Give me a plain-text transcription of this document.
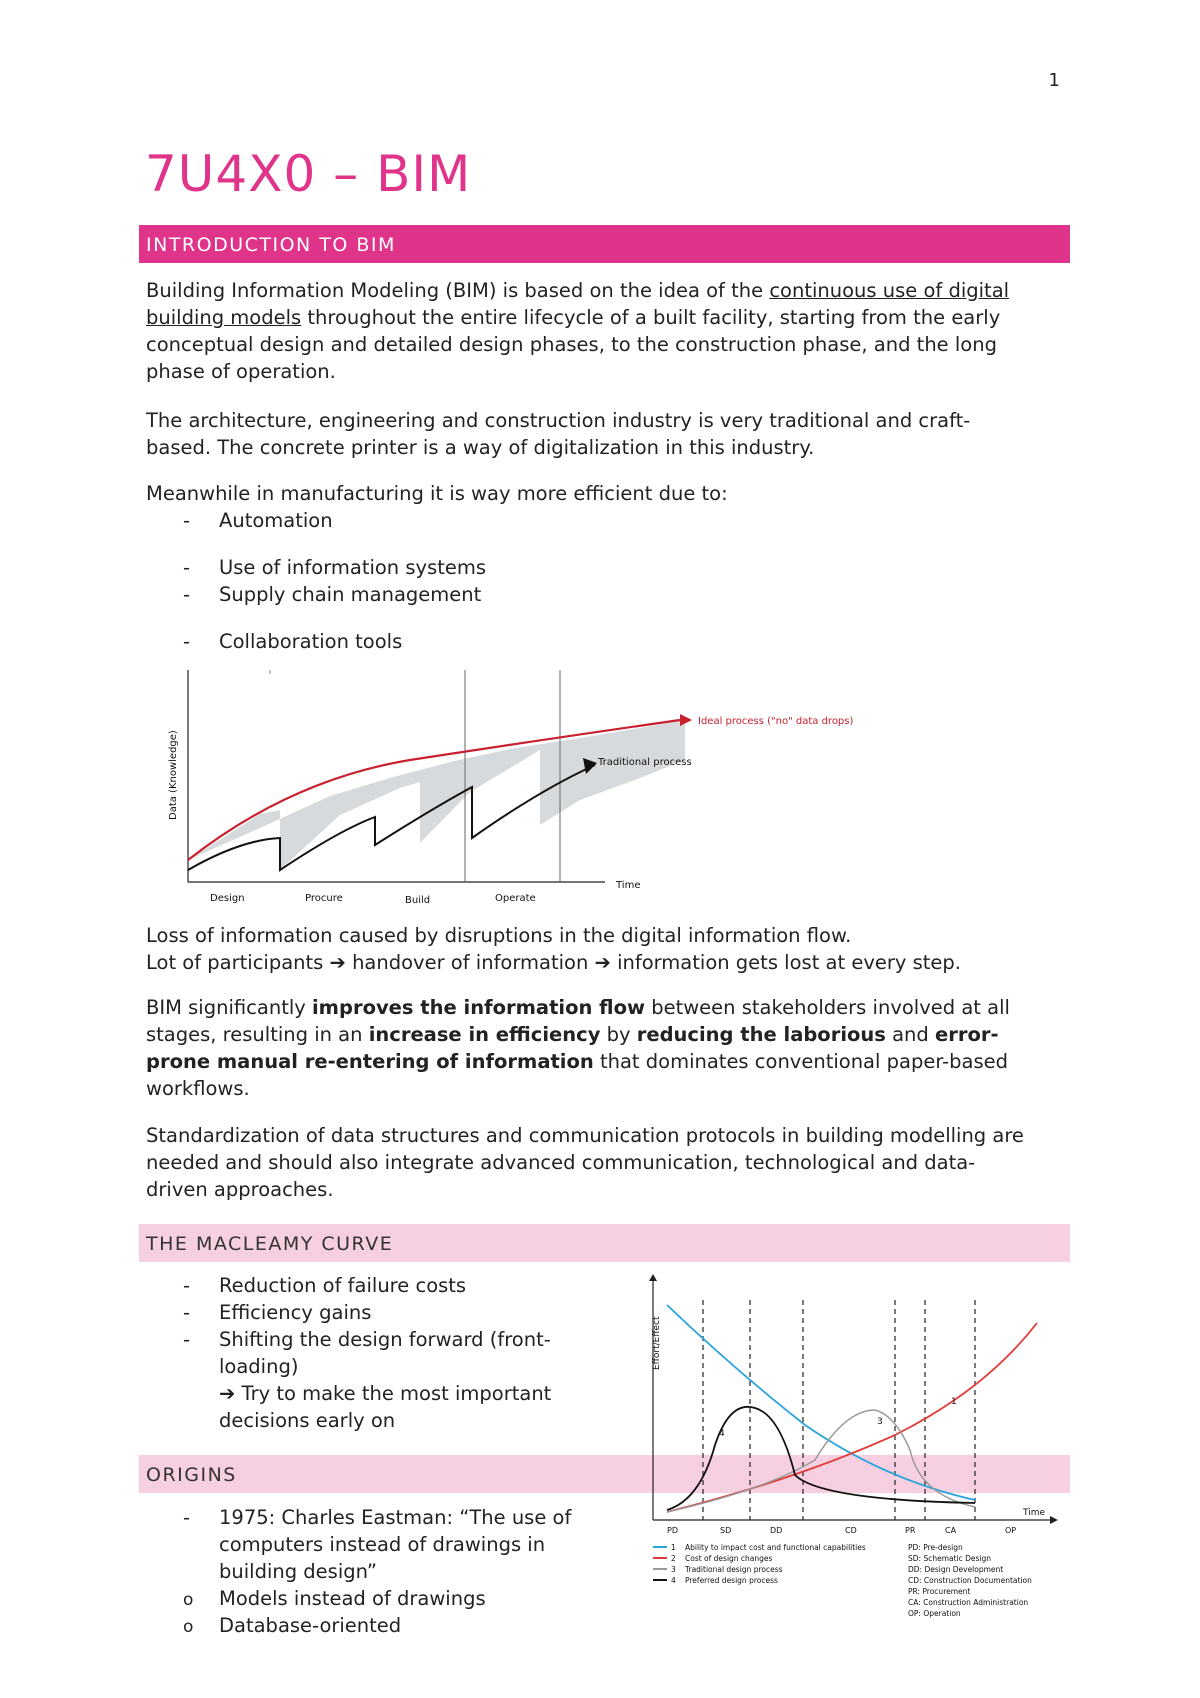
1
7U4X0 – BIM
INTRODUCTION TO BIM

Building Information Modeling (BIM) is based on the idea of the continuous use of digital
building models throughout the entire lifecycle of a built facility, starting from the early
conceptual design and detailed design phases, to the construction phase, and the long
phase of operation.

The architecture, engineering and construction industry is very traditional and craft-
based. The concrete printer is a way of digitalization in this industry.

Meanwhile in manufacturing it is way more efficient due to:

- Automation
- Use of information systems
- Supply chain management
- Collaboration tools
Ideal process ("no" data drops)
Traditional process
Data (Knowledge)
Time
Design	Procure	Build	Operate

Loss of information caused by disruptions in the digital information flow.
Lot of participants ➔ handover of information ➔ information gets lost at every step.

BIM significantly improves the information flow between stakeholders involved at all
stages, resulting in an increase in efficiency by reducing the laborious and error-
prone manual re-entering of information that dominates conventional paper-based
workflows.

Standardization of data structures and communication protocols in building modelling are
needed and should also integrate advanced communication, technological and data-
driven approaches.

THE MACLEAMY CURVE
- Reduction of failure costs
- Efficiency gains
- Shifting the design forward (front-
loading)
➔ Try to make the most important
decisions early on
ORIGINS
- 1975: Charles Eastman: “The use of
computers instead of drawings in
building design”
o Models instead of drawings
o Database-oriented
1
3
4
Effort/Effect
Time
PD	SD	DD	CD	PR	CA	OP
1
2
3
4
Ability to impact cost and functional capabilities
Cost of design changes
Traditional design process
Preferred design process
PD: Pre-design
SD: Schematic Design
DD: Design Development
CD: Construction Documentation
PR: Procurement
CA: Construction Administration
OP: Operation
